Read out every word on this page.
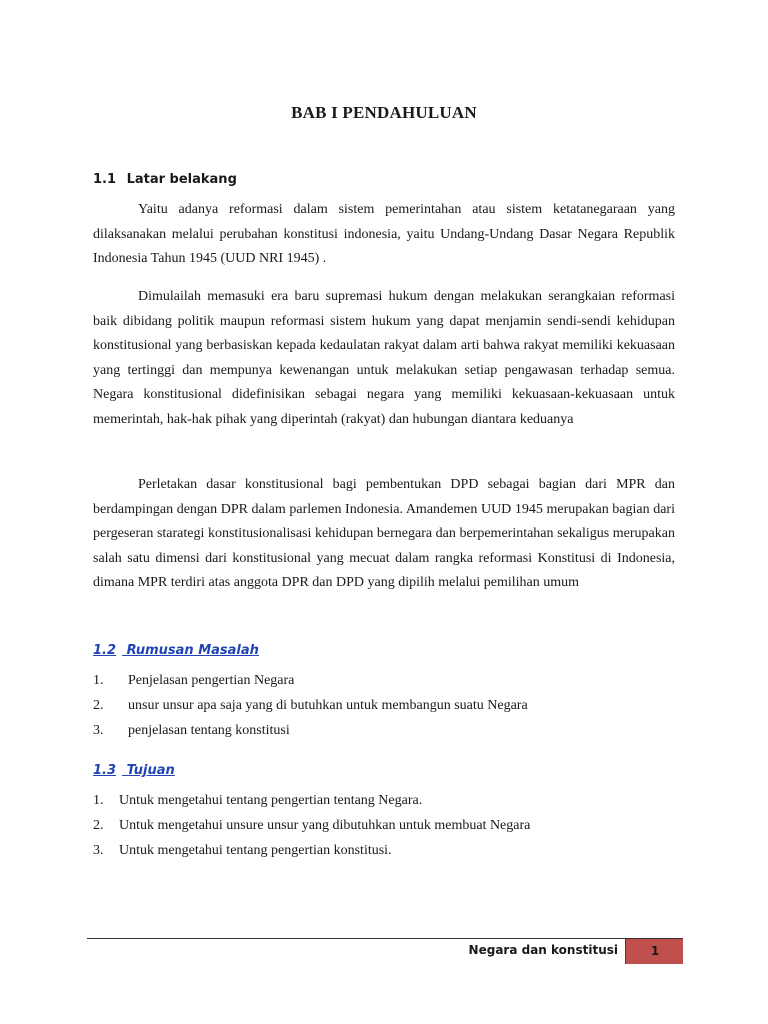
BAB I PENDAHULUAN
1.1 Latar belakang

Yaitu adanya reformasi dalam sistem pemerintahan atau sistem ketatanegaraan yang dilaksanakan melalui perubahan konstitusi indonesia, yaitu Undang-Undang Dasar Negara Republik Indonesia Tahun 1945 (UUD NRI 1945) .

Dimulailah memasuki era baru supremasi hukum dengan melakukan serangkaian reformasi baik dibidang politik maupun reformasi sistem hukum yang dapat menjamin sendi-sendi kehidupan konstitusional yang berbasiskan kepada kedaulatan rakyat dalam arti bahwa rakyat memiliki kekuasaan yang tertinggi dan mempunya kewenangan untuk melakukan setiap pengawasan terhadap semua. Negara konstitusional didefinisikan sebagai negara yang memiliki kekuasaan-kekuasaan untuk memerintah, hak-hak pihak yang diperintah (rakyat) dan hubungan diantara keduanya

Perletakan dasar konstitusional bagi pembentukan DPD sebagai bagian dari MPR dan berdampingan dengan DPR dalam parlemen Indonesia. Amandemen UUD 1945 merupakan bagian dari pergeseran starategi konstitusionalisasi kehidupan bernegara dan berpemerintahan sekaligus merupakan salah satu dimensi dari konstitusional yang mecuat dalam rangka reformasi Konstitusi di Indonesia, dimana MPR terdiri atas anggota DPR dan DPD yang dipilih melalui pemilihan umum

1.2 Rumusan Masalah
1. Penjelasan pengertian Negara
2. unsur unsur apa saja yang di butuhkan untuk membangun suatu Negara
3. penjelasan tentang konstitusi
1.3 Tujuan
1. Untuk mengetahui tentang pengertian tentang Negara.
2. Untuk mengetahui unsure unsur yang dibutuhkan untuk membuat Negara
3. Untuk mengetahui tentang pengertian konstitusi.
Negara dan konstitusi	1
